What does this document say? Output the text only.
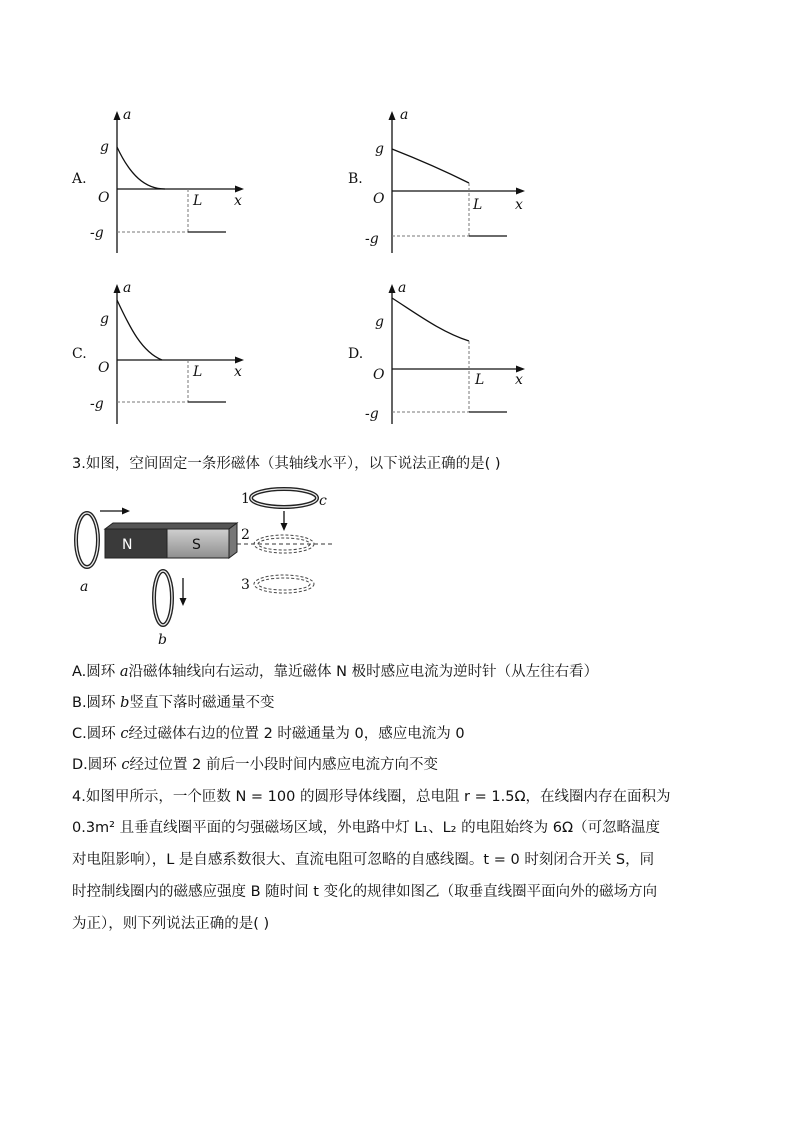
A.	B.
C.	D.
a
x
O
g
-g
L
a
x
O
g
-g
L
a
x
O
g
-g
L
a
x
O
g
-g
L
3.如图，空间固定一条形磁体（其轴线水平），以下说法正确的是( )
a
N	S
b
1	c
2
3
A.圆环 a沿磁体轴线向右运动，靠近磁体 N 极时感应电流为逆时针（从左往右看）
B.圆环 b竖直下落时磁通量不变
C.圆环 c经过磁体右边的位置 2 时磁通量为 0，感应电流为 0
D.圆环 c经过位置 2 前后一小段时间内感应电流方向不变
4.如图甲所示，一个匝数 N = 100 的圆形导体线圈，总电阻 r = 1.5Ω，在线圈内存在面积为
0.3m² 且垂直线圈平面的匀强磁场区域，外电路中灯 L₁、L₂ 的电阻始终为 6Ω（可忽略温度
对电阻影响），L 是自感系数很大、直流电阻可忽略的自感线圈。t = 0 时刻闭合开关 S，同
时控制线圈内的磁感应强度 B 随时间 t 变化的规律如图乙（取垂直线圈平面向外的磁场方向
为正），则下列说法正确的是( )
